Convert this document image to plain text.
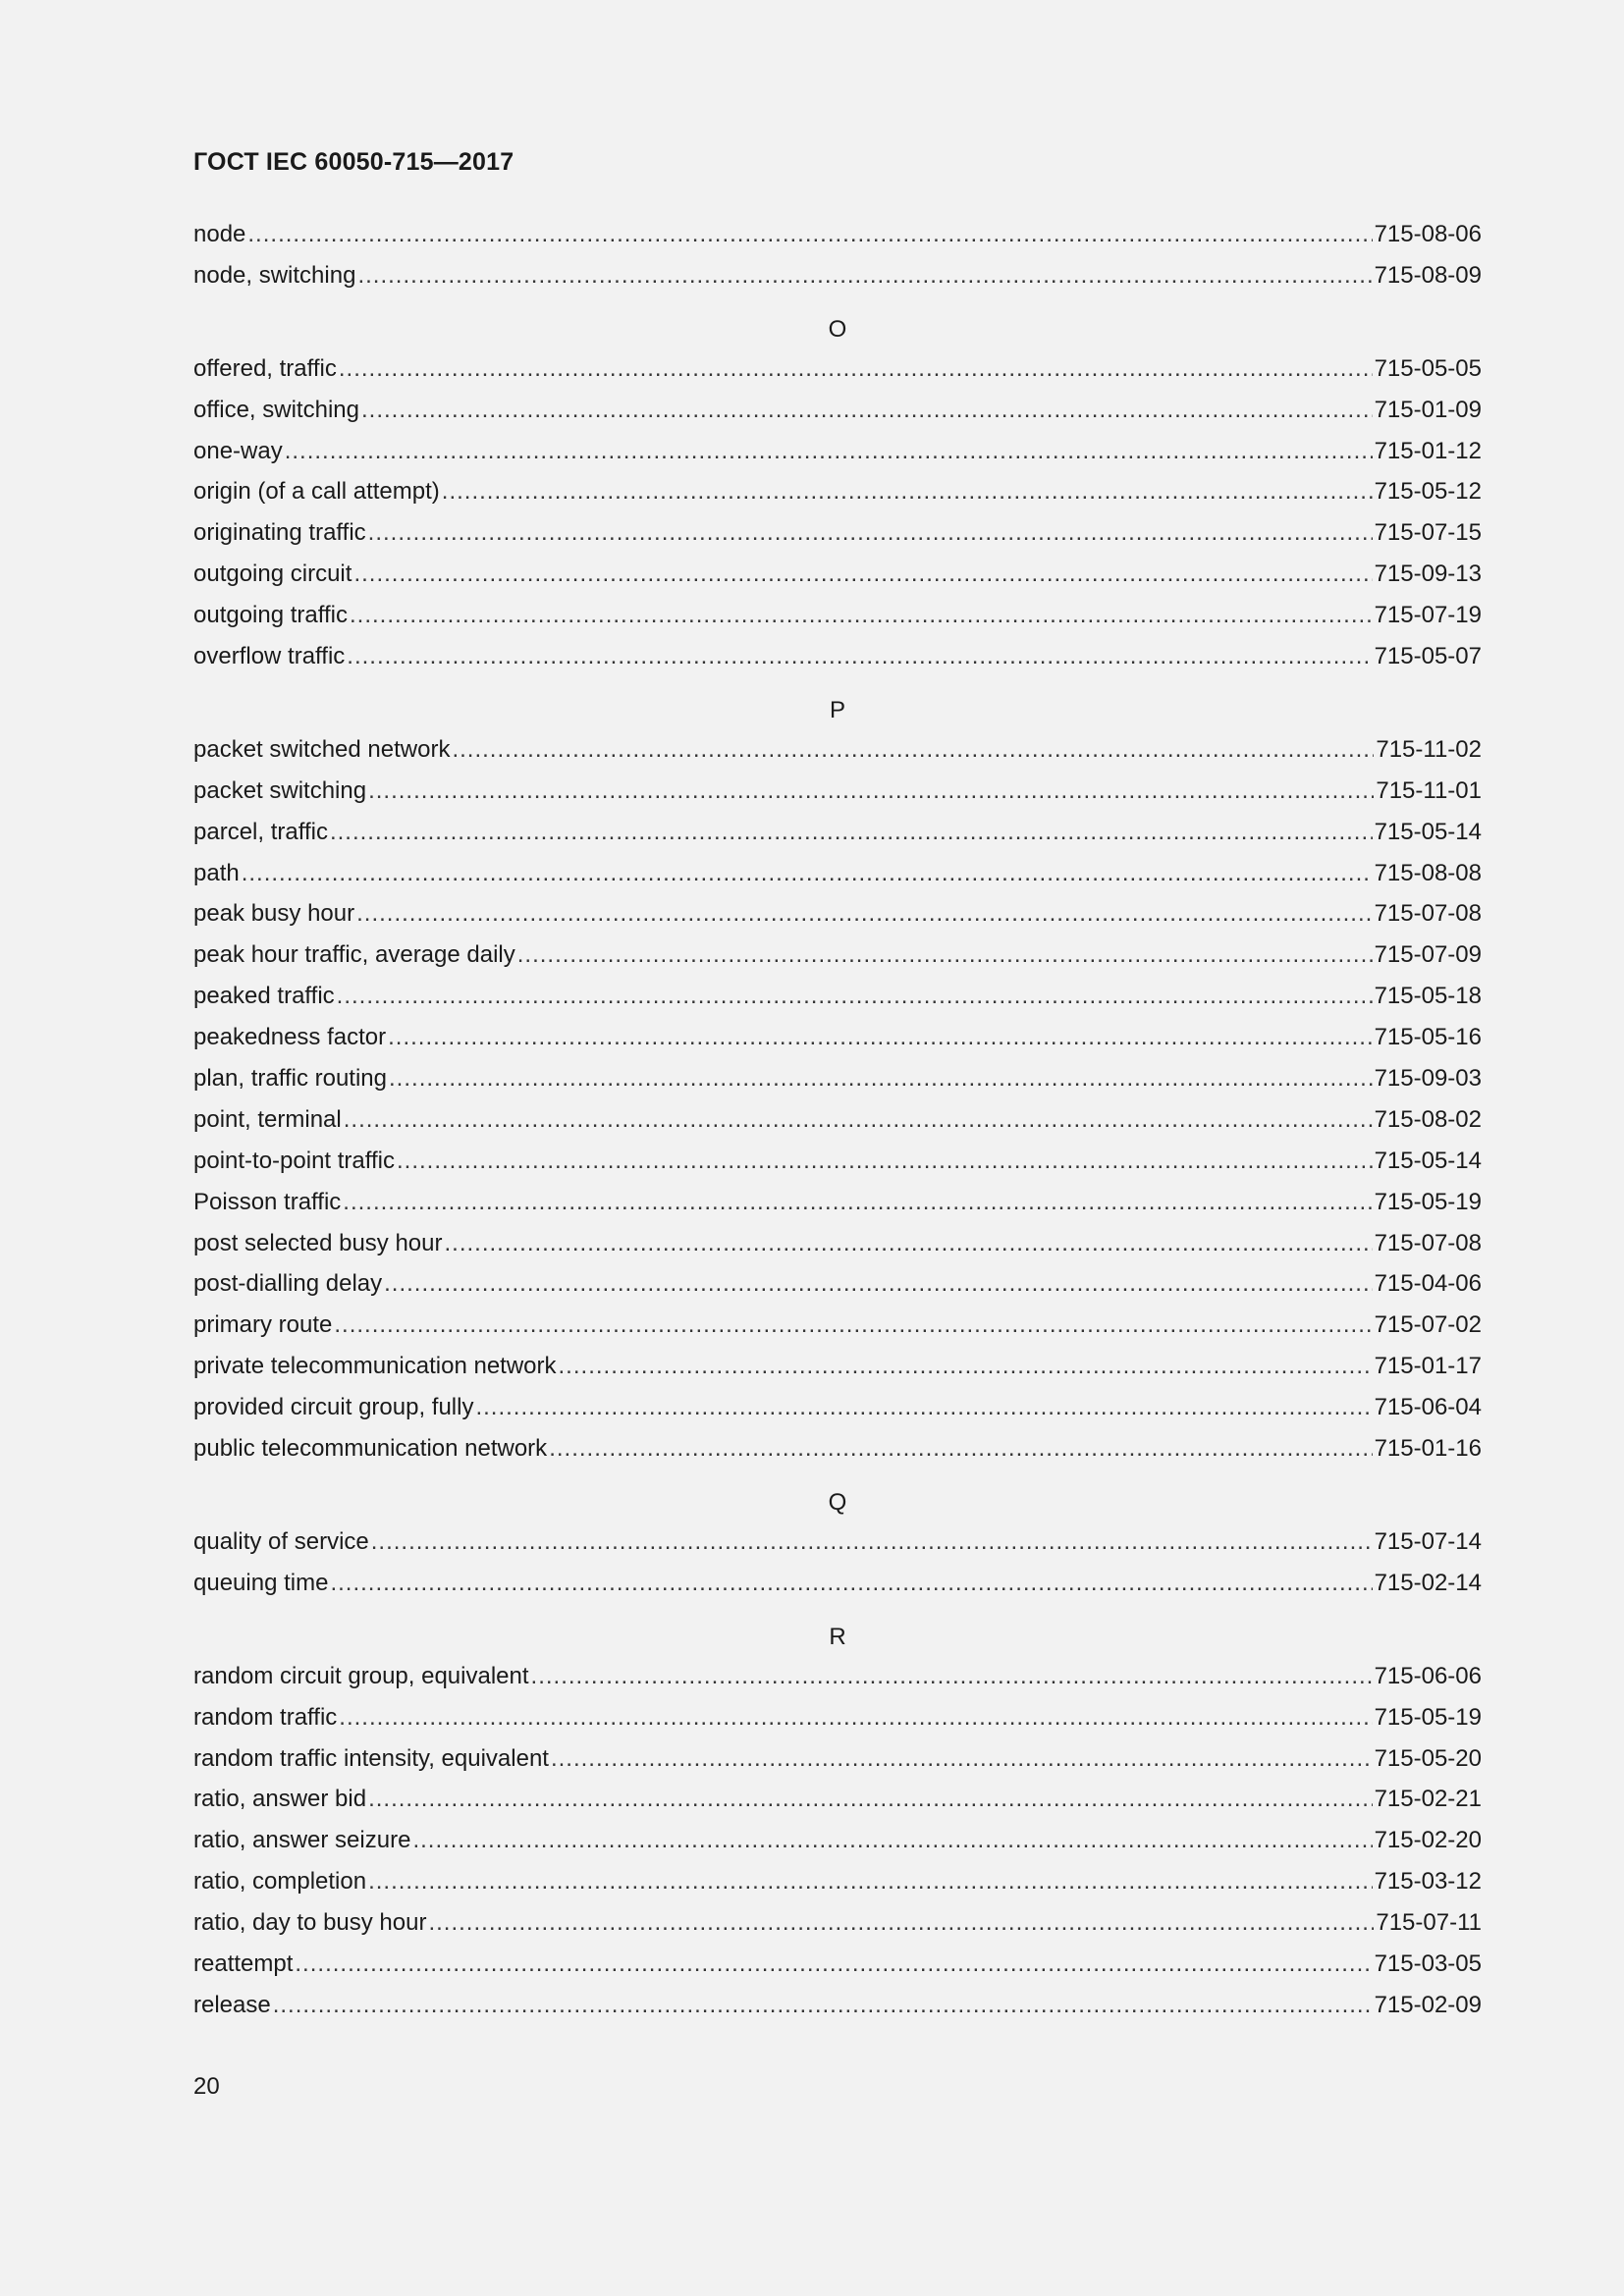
ГОСТ IEC 60050-715—2017
node .....	715-08-06
node, switching .....	715-08-09
O
offered, traffic .....	715-05-05
office, switching .....	715-01-09
one-way .....	715-01-12
origin (of a call attempt) .....	715-05-12
originating traffic .....	715-07-15
outgoing circuit .....	715-09-13
outgoing traffic .....	715-07-19
overflow traffic .....	715-05-07
P
packet switched network .....	715-11-02
packet switching .....	715-11-01
parcel, traffic .....	715-05-14
path .....	715-08-08
peak busy hour .....	715-07-08
peak hour traffic, average daily .....	715-07-09
peaked traffic .....	715-05-18
peakedness factor .....	715-05-16
plan, traffic routing .....	715-09-03
point, terminal .....	715-08-02
point-to-point traffic .....	715-05-14
Poisson traffic .....	715-05-19
post selected busy hour .....	715-07-08
post-dialling delay .....	715-04-06
primary route .....	715-07-02
private telecommunication network .....	715-01-17
provided circuit group, fully .....	715-06-04
public telecommunication network .....	715-01-16
Q
quality of service .....	715-07-14
queuing time .....	715-02-14
R
random circuit group, equivalent .....	715-06-06
random traffic .....	715-05-19
random traffic intensity, equivalent .....	715-05-20
ratio, answer bid .....	715-02-21
ratio, answer seizure .....	715-02-20
ratio, completion .....	715-03-12
ratio, day to busy hour .....	715-07-11
reattempt .....	715-03-05
release .....	715-02-09
20
